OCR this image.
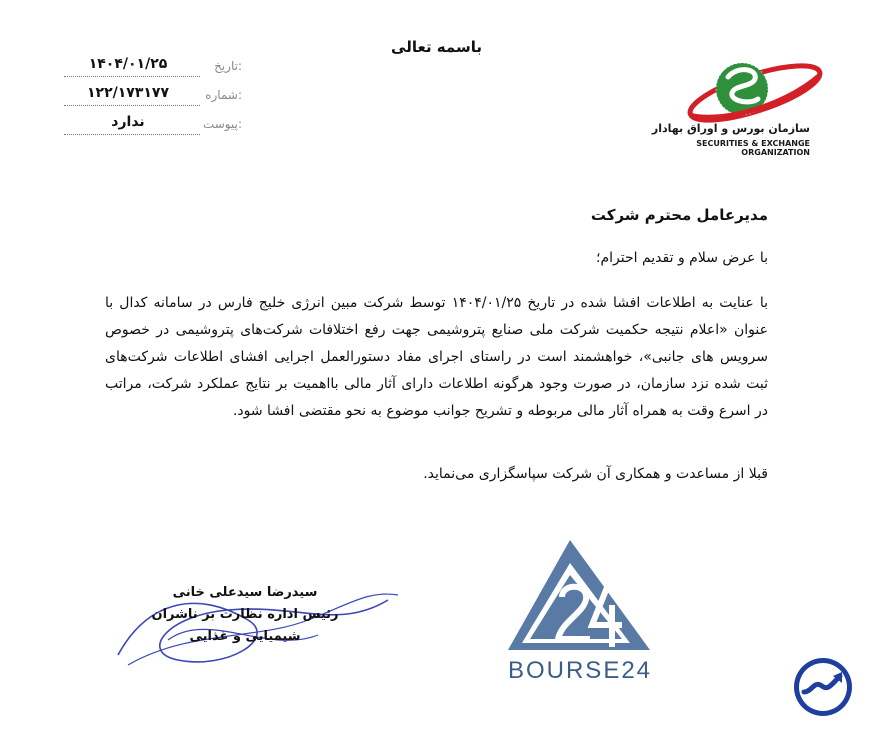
باسمه تعالی
تاریخ:
۱۴۰۴/۰۱/۲۵
شماره:
۱۲۲/۱۷۳۱۷۷
پیوست:
ندارد	سازمان بورس و اوراق بهادار
SECURITIES & EXCHANGE ORGANIZATION
مدیرعامل محترم شرکت
با عرض سلام و تقدیم احترام؛
با عنایت به اطلاعات افشا شده در تاریخ ۱۴۰۴/۰۱/۲۵ توسط شرکت مبین انرژی خلیج فارس در سامانه کدال با عنوان «اعلام نتیجه حکمیت شرکت ملی صنایع پتروشیمی جهت رفع اختلافات شرکت‌های پتروشیمی در خصوص سرویس های جانبی»، خواهشمند است در راستای اجرای مفاد دستورالعمل اجرایی افشای اطلاعات شرکت‌های ثبت شده نزد سازمان، در صورت وجود هرگونه اطلاعات دارای آثار مالی بااهمیت بر نتایج عملکرد شرکت، مراتب در اسرع وقت به همراه آثار مالی مربوطه و تشریح جوانب موضوع به نحو مقتضی افشا شود.
قبلا از مساعدت و همکاری آن شرکت سپاسگزاری می‌نماید.
سیدرضا سیدعلی خانی
رئیس اداره نظارت بر ناشران
شیمیایی و غذایی
BOURSE24
